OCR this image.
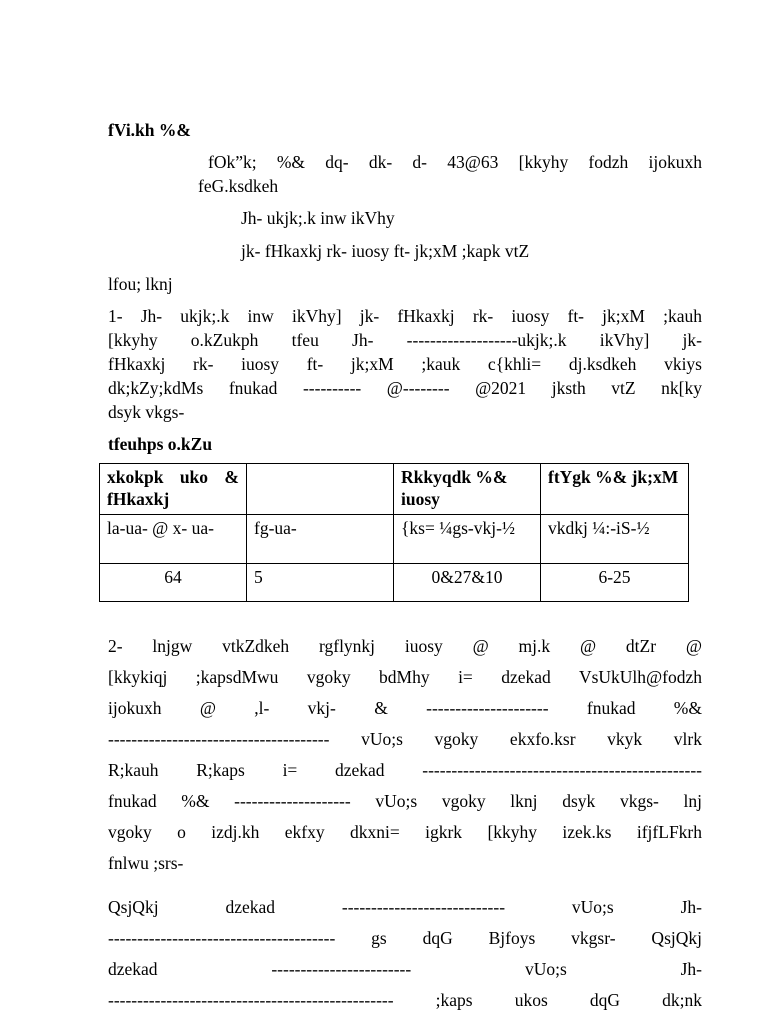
fVi.kh %&
fOk”k; %& dq- dk- d- 43@63 [kkyhy fodzh ijokuxh
feG.ksdkeh
Jh- ukjk;.k inw ikVhy
jk- fHkaxkj rk- iuosy ft- jk;xM ;kapk vtZ
lfou; lknj
1- Jh- ukjk;.k inw ikVhy] jk- fHkaxkj rk- iuosy ft- jk;xM ;kauh
[kkyhy o.kZukph tfeu Jh- -------------------ukjk;.k ikVhy] jk-
fHkaxkj rk- iuosy ft- jk;xM ;kauk c{khli= dj.ksdkeh vkiys
dk;kZy;kdMs fnukad ---------- @-------- @2021 jksth vtZ nk[ky
dsyk vkgs-
tfeuhps o.kZu
xkokpk uko & fHkaxkj		Rkkyqdk %& iuosy	ftYgk %& jk;xM
la-ua- @ x- ua-	fg-ua-	{ks= ¼gs-vkj-½	vkdkj ¼:-iS-½
64	5	0&27&10	6-25
2- lnjgw vtkZdkeh rgflynkj iuosy @ mj.k @ dtZr @
[kkykiqj ;kapsdMwu vgoky bdMhy i= dzekad VsUkUlh@fodzh
ijokuxh @ ,l- vkj- & --------------------- fnukad %&
-------------------------------------- vUo;s vgoky ekxfo.ksr vkyk vlrk
R;kauh R;kaps i= dzekad ------------------------------------------------
fnukad %& -------------------- vUo;s vgoky lknj dsyk vkgs- lnj
vgoky o izdj.kh ekfxy dkxni= igkrk [kkyhy izek.ks ifjfLFkrh
fnlwu ;srs-
QsjQkj dzekad ---------------------------- vUo;s Jh-
--------------------------------------- gs dqG Bjfoys vkgsr- QsjQkj
dzekad ------------------------ vUo;s Jh-
------------------------------------------------- ;kaps ukos dqG dk;nk
